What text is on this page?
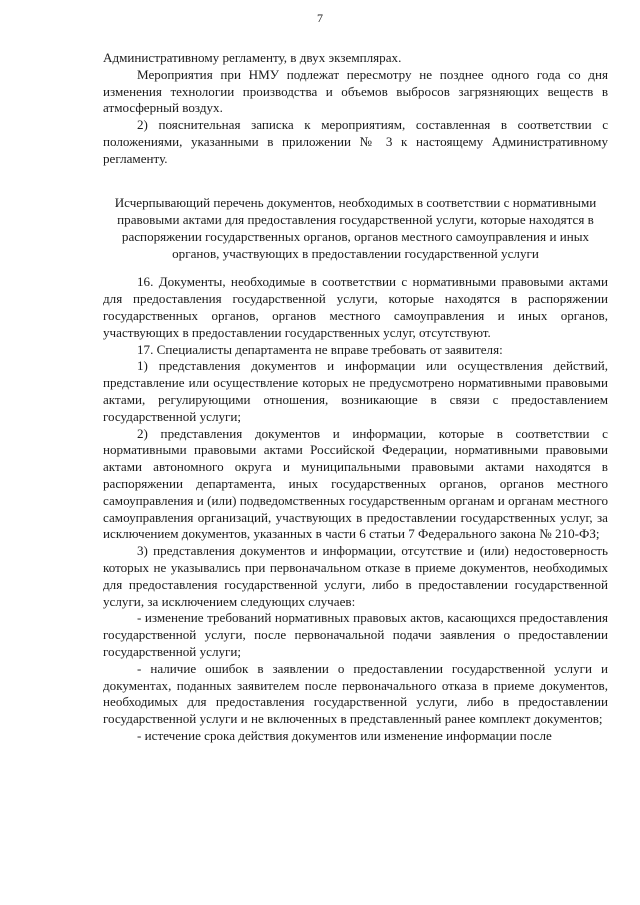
7

Административному регламенту, в двух экземплярах.

Мероприятия при НМУ подлежат пересмотру не позднее одного года со дня изменения технологии производства и объемов выбросов загрязняющих веществ в атмосферный воздух.

2) пояснительная записка к мероприятиям, составленная в соответствии с положениями, указанными в приложении № 3 к настоящему Административному регламенту.

Исчерпывающий перечень документов, необходимых в соответствии с нормативными правовыми актами для предоставления государственной услуги, которые находятся в распоряжении государственных органов, органов местного самоуправления и иных органов, участвующих в предоставлении государственной услуги

16. Документы, необходимые в соответствии с нормативными правовыми актами для предоставления государственной услуги, которые находятся в распоряжении государственных органов, органов местного самоуправления и иных органов, участвующих в предоставлении государственных услуг, отсутствуют.

17. Специалисты департамента не вправе требовать от заявителя:

1) представления документов и информации или осуществления действий, представление или осуществление которых не предусмотрено нормативными правовыми актами, регулирующими отношения, возникающие в связи с предоставлением государственной услуги;

2) представления документов и информации, которые в соответствии с нормативными правовыми актами Российской Федерации, нормативными правовыми актами автономного округа и муниципальными правовыми актами находятся в распоряжении департамента, иных государственных органов, органов местного самоуправления и (или) подведомственных государственным органам и органам местного самоуправления организаций, участвующих в предоставлении государственных услуг, за исключением документов, указанных в части 6 статьи 7 Федерального закона № 210-ФЗ;

3) представления документов и информации, отсутствие и (или) недостоверность которых не указывались при первоначальном отказе в приеме документов, необходимых для предоставления государственной услуги, либо в предоставлении государственной услуги, за исключением следующих случаев:

- изменение требований нормативных правовых актов, касающихся предоставления государственной услуги, после первоначальной подачи заявления о предоставлении государственной услуги;

- наличие ошибок в заявлении о предоставлении государственной услуги и документах, поданных заявителем после первоначального отказа в приеме документов, необходимых для предоставления государственной услуги, либо в предоставлении государственной услуги и не включенных в представленный ранее комплект документов;

- истечение срока действия документов или изменение информации после
